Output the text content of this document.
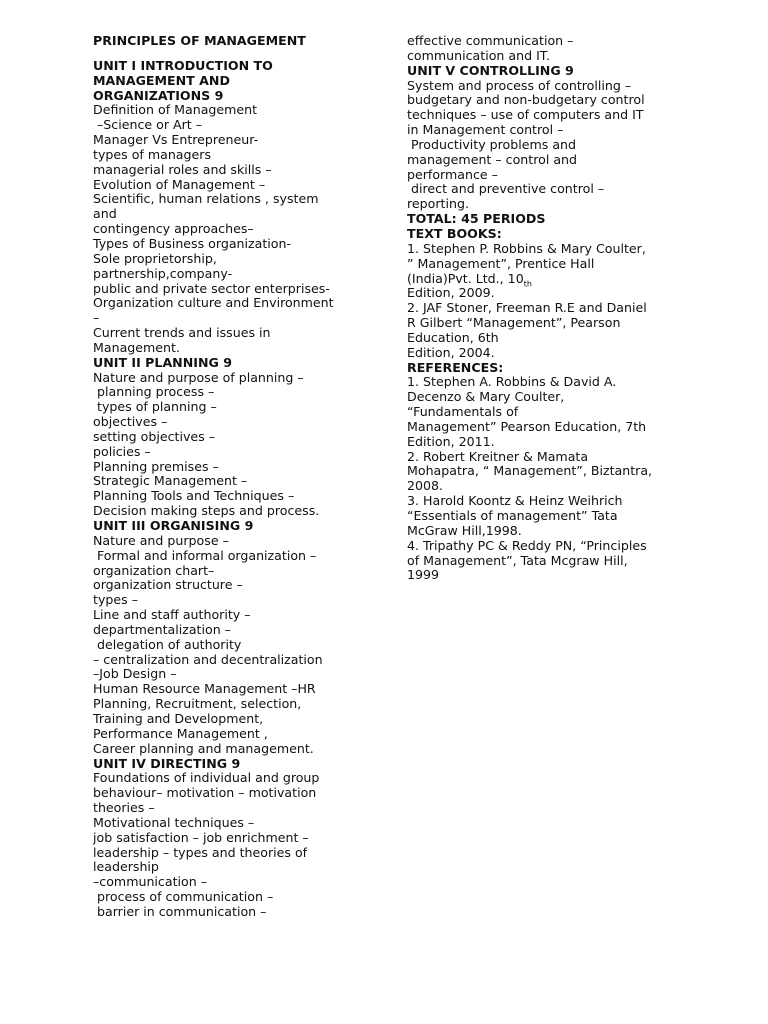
PRINCIPLES OF MANAGEMENT
UNIT I INTRODUCTION TO
MANAGEMENT AND
ORGANIZATIONS 9
Definition of Management
–Science or Art –
Manager Vs Entrepreneur-
types of managers
managerial roles and skills –
Evolution of Management –
Scientific, human relations , system
and
contingency approaches–
Types of Business organization-
Sole proprietorship,
partnership,company-
public and private sector enterprises-
Organization culture and Environment
–
Current trends and issues in
Management.
UNIT II PLANNING 9
Nature and purpose of planning –
planning process –
types of planning –
objectives –
setting objectives –
policies –
Planning premises –
Strategic Management –
Planning Tools and Techniques –
Decision making steps and process.
UNIT III ORGANISING 9
Nature and purpose –
Formal and informal organization –
organization chart–
organization structure –
types –
Line and staff authority –
departmentalization –
delegation of authority
– centralization and decentralization
–Job Design –
Human Resource Management –HR
Planning, Recruitment, selection,
Training and Development,
Performance Management ,
Career planning and management.
UNIT IV DIRECTING 9
Foundations of individual and group
behaviour– motivation – motivation
theories –
Motivational techniques –
job satisfaction – job enrichment –
leadership – types and theories of
leadership
–communication –
process of communication –
barrier in communication –
effective communication –
communication and IT.
UNIT V CONTROLLING 9
System and process of controlling –
budgetary and non-budgetary control
techniques – use of computers and IT
in Management control –
Productivity problems and
management – control and
performance –
direct and preventive control –
reporting.
TOTAL: 45 PERIODS
TEXT BOOKS:
1. Stephen P. Robbins & Mary Coulter,
” Management”, Prentice Hall
(India)Pvt. Ltd., $10_{th}$
Edition, 2009.
2. JAF Stoner, Freeman R.E and Daniel
R Gilbert “Management”, Pearson
Education, 6th
Edition, 2004.
REFERENCES:
1. Stephen A. Robbins & David A.
Decenzo & Mary Coulter,
“Fundamentals of
Management” Pearson Education, 7th
Edition, 2011.
2. Robert Kreitner & Mamata
Mohapatra, “ Management”, Biztantra,
2008.
3. Harold Koontz & Heinz Weihrich
“Essentials of management” Tata
McGraw Hill,1998.
4. Tripathy PC & Reddy PN, “Principles
of Management”, Tata Mcgraw Hill,
1999
